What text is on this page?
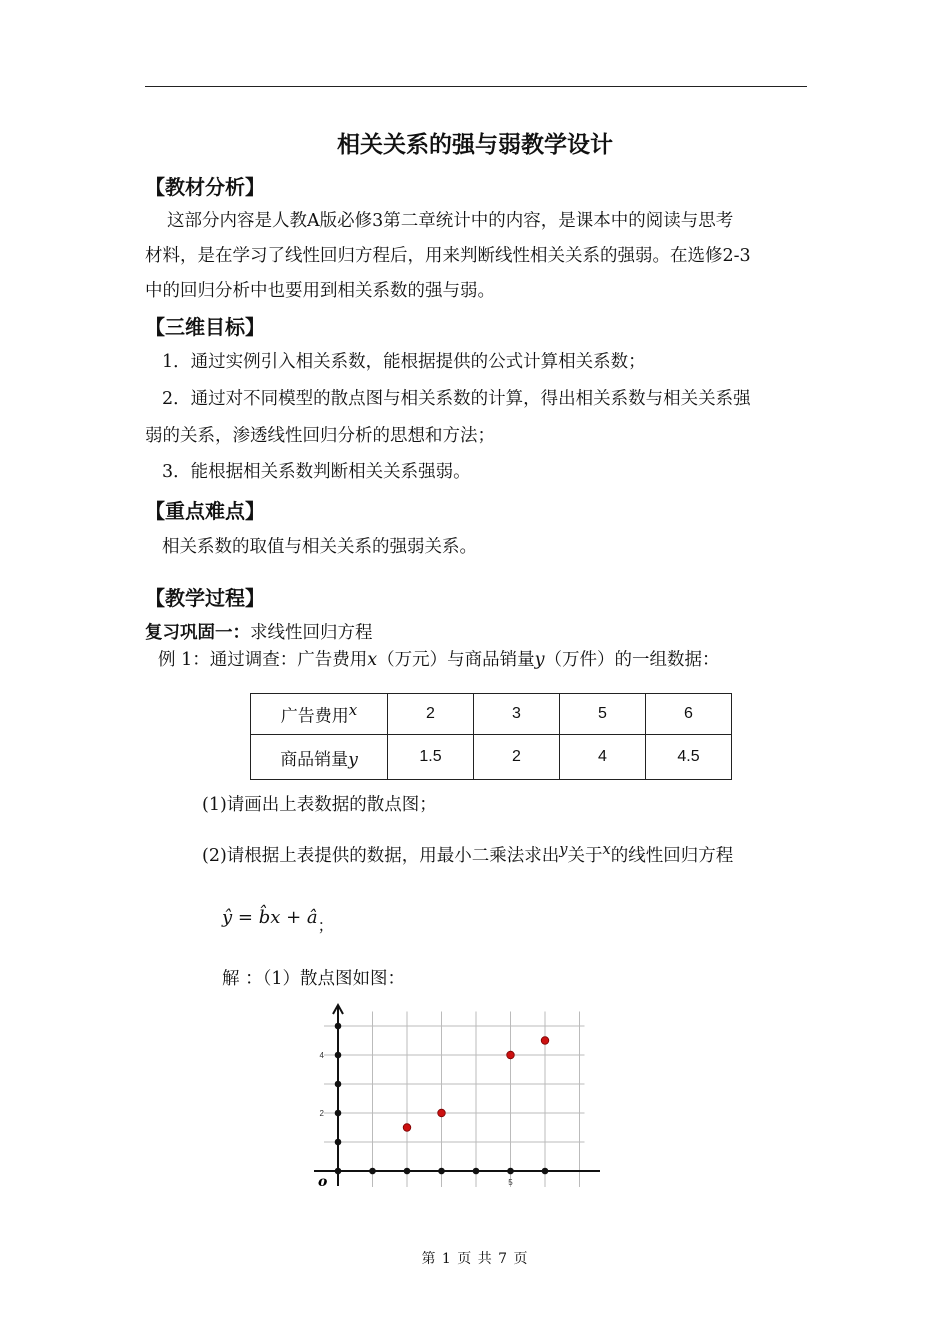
相关关系的强与弱教学设计
【教材分析】
这部分内容是人教A版必修3第二章统计中的内容，是课本中的阅读与思考
材料，是在学习了线性回归方程后，用来判断线性相关关系的强弱。在选修2-3
中的回归分析中也要用到相关系数的强与弱。
【三维目标】
1．通过实例引入相关系数，能根据提供的公式计算相关系数；
2．通过对不同模型的散点图与相关系数的计算，得出相关系数与相关关系强
弱的关系，渗透线性回归分析的思想和方法；
3．能根据相关系数判断相关关系强弱。
【重点难点】
相关系数的取值与相关关系的强弱关系。
【教学过程】
复习巩固一：求线性回归方程
例 1：通过调查：广告费用x（万元）与商品销量y（万件）的一组数据：
广告费用$^x$	2	3	5	6
商品销量y	1.5	2	4	4.5
(1)请画出上表数据的散点图；
(2)请根据上表提供的数据，用最小二乘法求出$^y$关于$^x$的线性回归方程
ŷ = b̂x + â；
解 ：（1）散点图如图：
2
4
5
o
第 1 页 共 7 页
